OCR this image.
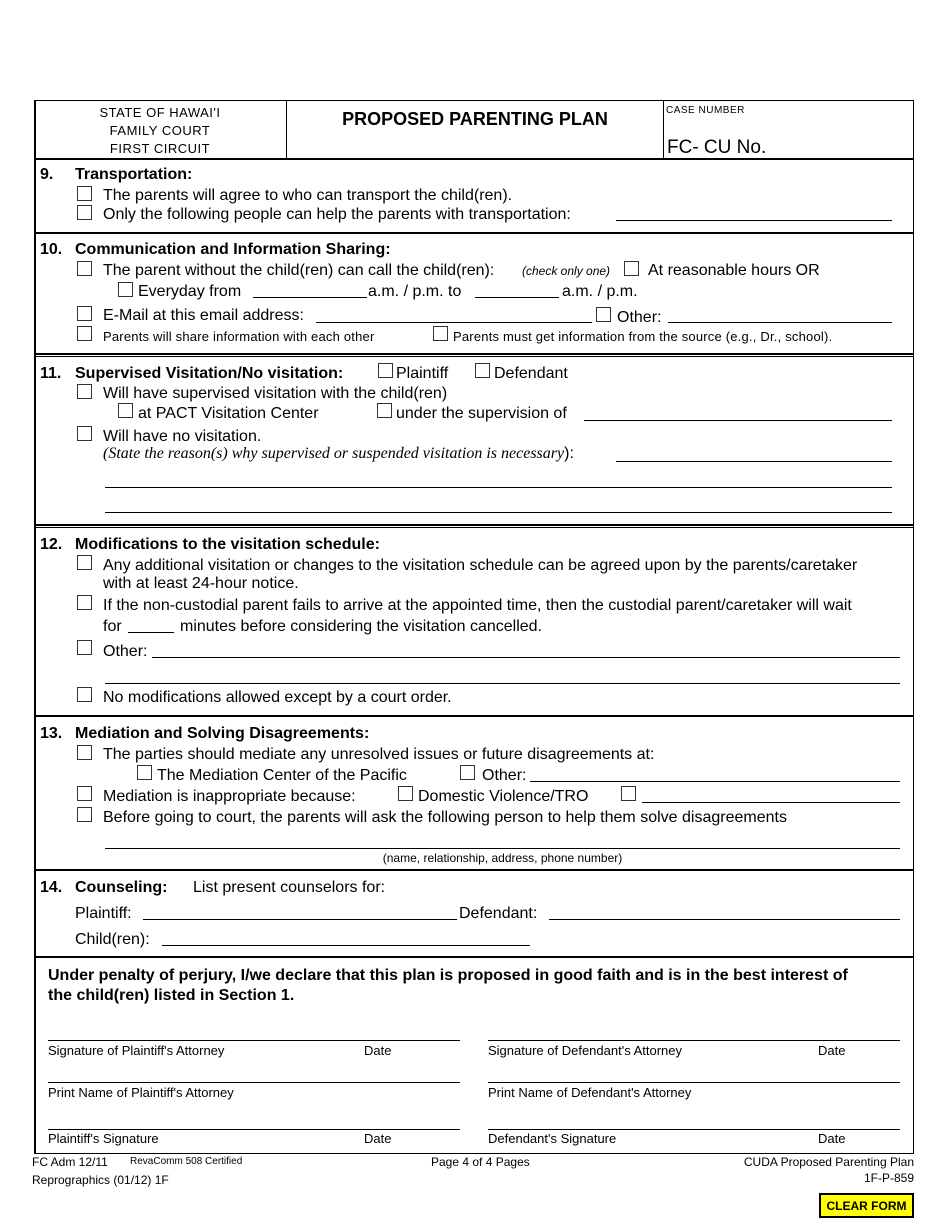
STATE OF HAWAI'I
FAMILY COURT
FIRST CIRCUIT
PROPOSED PARENTING PLAN	CASE NUMBER
FC- CU No.
9. Transportation:
The parents will agree to who can transport the child(ren).
Only the following people can help the parents with transportation:
10. Communication and Information Sharing:
The parent without the child(ren) can call the child(ren): (check only one) At reasonable hours OR
Everyday from	a.m. / p.m. to	a.m. / p.m.
E-Mail at this email address:	Other:
Parents will share information with each other	Parents must get information from the source (e.g., Dr., school).
11. Supervised Visitation/No visitation:	Plaintiff	Defendant
Will have supervised visitation with the child(ren)
at PACT Visitation Center	under the supervision of
Will have no visitation.
(State the reason(s) why supervised or suspended visitation is necessary):
12. Modifications to the visitation schedule:
Any additional visitation or changes to the visitation schedule can be agreed upon by the parents/caretaker
with at least 24-hour notice.
If the non-custodial parent fails to arrive at the appointed time, then the custodial parent/caretaker will wait
for	minutes before considering the visitation cancelled.
Other:
No modifications allowed except by a court order.
13. Mediation and Solving Disagreements:
The parties should mediate any unresolved issues or future disagreements at:
The Mediation Center of the Pacific	Other:
Mediation is inappropriate because:	Domestic Violence/TRO
Before going to court, the parents will ask the following person to help them solve disagreements
(name, relationship, address, phone number)
14. Counseling: List present counselors for:
Plaintiff:	Defendant:
Child(ren):
Under penalty of perjury, I/we declare that this plan is proposed in good faith and is in the best interest of
the child(ren) listed in Section 1.
Signature of Plaintiff's Attorney	Date	Signature of Defendant's Attorney	Date
Print Name of Plaintiff's Attorney	Print Name of Defendant's Attorney
Plaintiff's Signature	Date	Defendant's Signature	Date
FC Adm 12/11 RevaComm 508 Certified
Reprographics (01/12) 1F
Page 4 of 4 Pages	CUDA Proposed Parenting Plan
1F-P-859
CLEAR FORM
